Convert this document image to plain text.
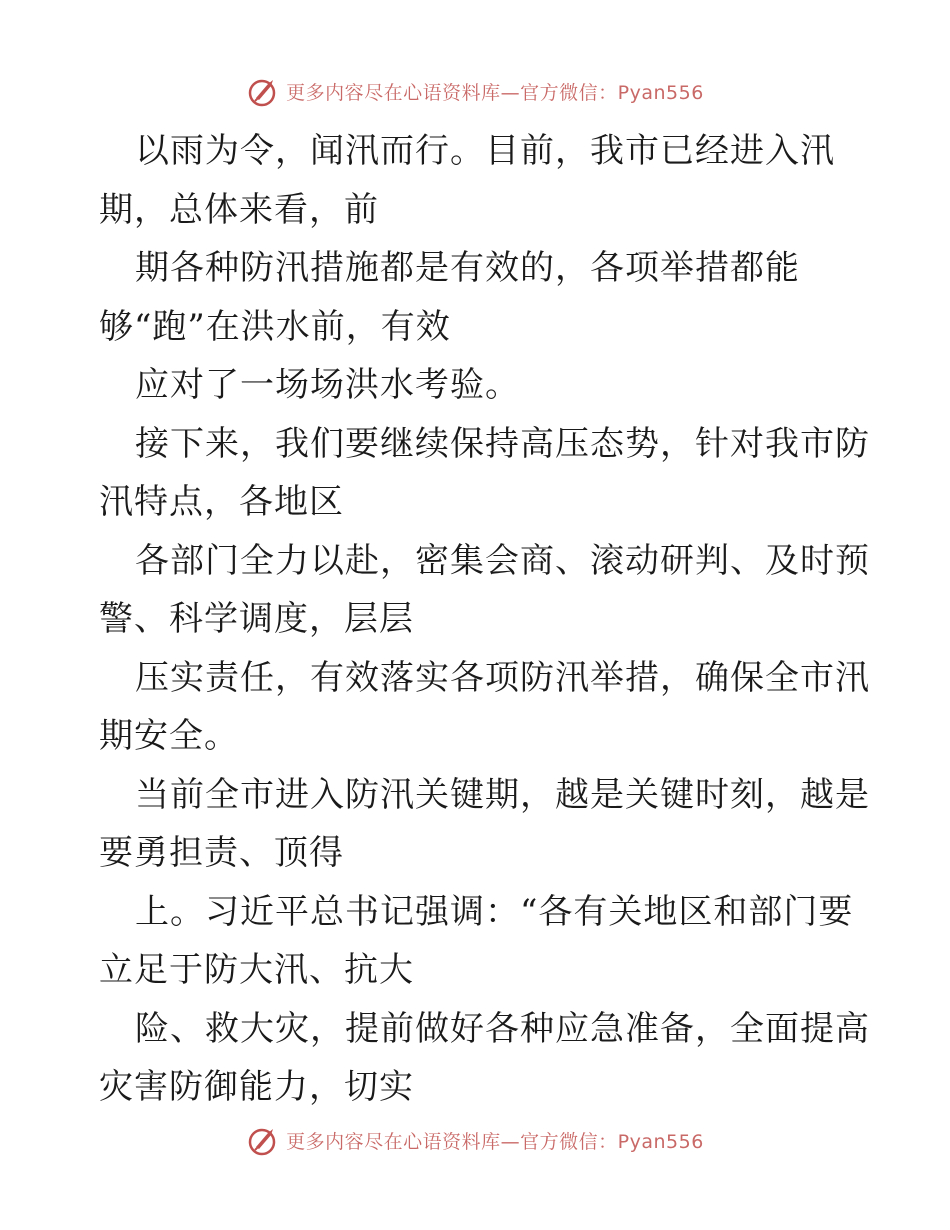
更多内容尽在心语资料库—官方微信：Pyan556
以雨为令，闻汛而行。目前，我市已经进入汛
期，总体来看，前
期各种防汛措施都是有效的，各项举措都能
够“跑”在洪水前，有效
应对了一场场洪水考验。
接下来，我们要继续保持高压态势，针对我市防
汛特点，各地区
各部门全力以赴，密集会商、滚动研判、及时预
警、科学调度，层层
压实责任，有效落实各项防汛举措，确保全市汛
期安全。
当前全市进入防汛关键期，越是关键时刻，越是
要勇担责、顶得
上。习近平总书记强调：“各有关地区和部门要
立足于防大汛、抗大
险、救大灾，提前做好各种应急准备，全面提高
灾害防御能力，切实
更多内容尽在心语资料库—官方微信：Pyan556
